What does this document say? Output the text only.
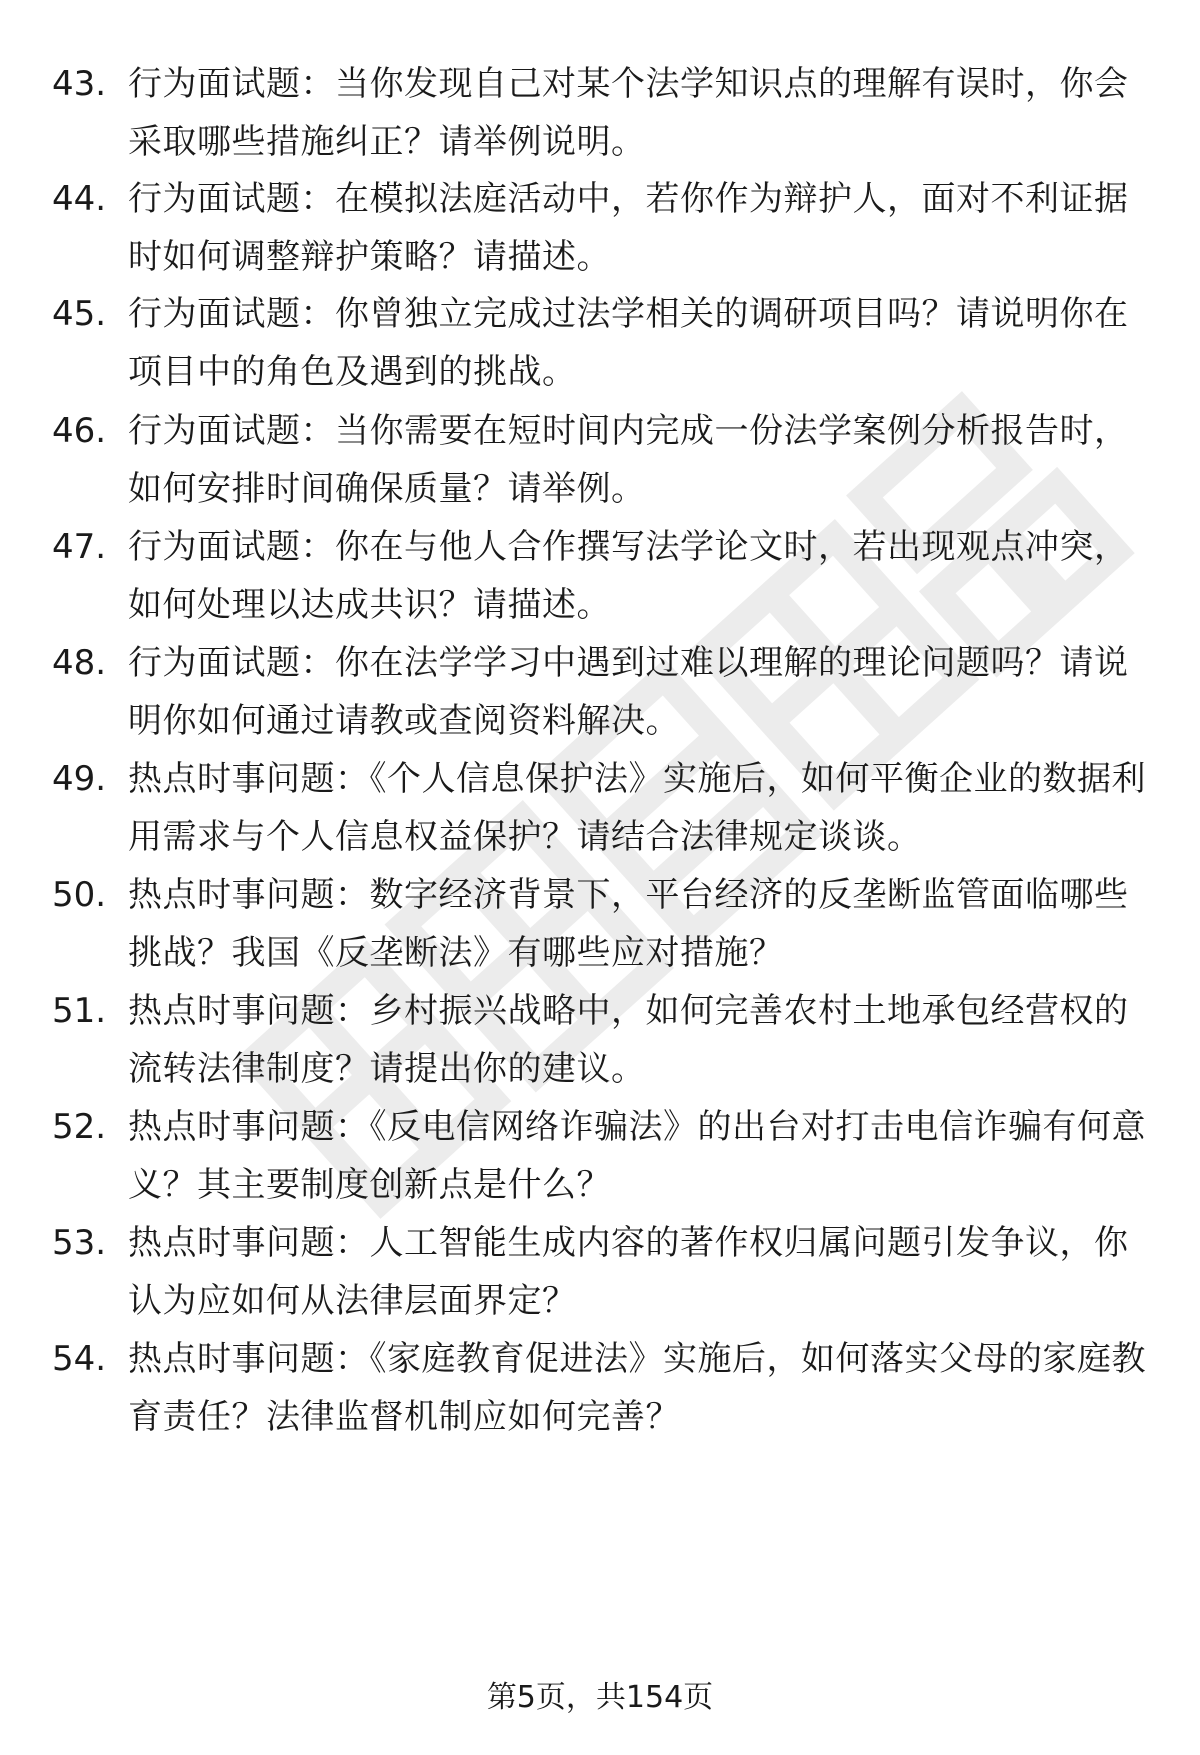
43. 行为面试题：当你发现自己对某个法学知识点的理解有误时，你会采取哪些措施纠正？请举例说明。
44. 行为面试题：在模拟法庭活动中，若你作为辩护人，面对不利证据时如何调整辩护策略？请描述。
45. 行为面试题：你曾独立完成过法学相关的调研项目吗？请说明你在项目中的角色及遇到的挑战。
46. 行为面试题：当你需要在短时间内完成一份法学案例分析报告时，如何安排时间确保质量？请举例。
47. 行为面试题：你在与他人合作撰写法学论文时，若出现观点冲突，如何处理以达成共识？请描述。
48. 行为面试题：你在法学学习中遇到过难以理解的理论问题吗？请说明你如何通过请教或查阅资料解决。
49. 热点时事问题：《个人信息保护法》实施后，如何平衡企业的数据利用需求与个人信息权益保护？请结合法律规定谈谈。
50. 热点时事问题：数字经济背景下，平台经济的反垄断监管面临哪些挑战？我国《反垄断法》有哪些应对措施？
51. 热点时事问题：乡村振兴战略中，如何完善农村土地承包经营权的流转法律制度？请提出你的建议。
52. 热点时事问题：《反电信网络诈骗法》的出台对打击电信诈骗有何意义？其主要制度创新点是什么？
53. 热点时事问题：人工智能生成内容的著作权归属问题引发争议，你认为应如何从法律层面界定？
54. 热点时事问题：《家庭教育促进法》实施后，如何落实父母的家庭教育责任？法律监督机制应如何完善？
第5页，共154页
